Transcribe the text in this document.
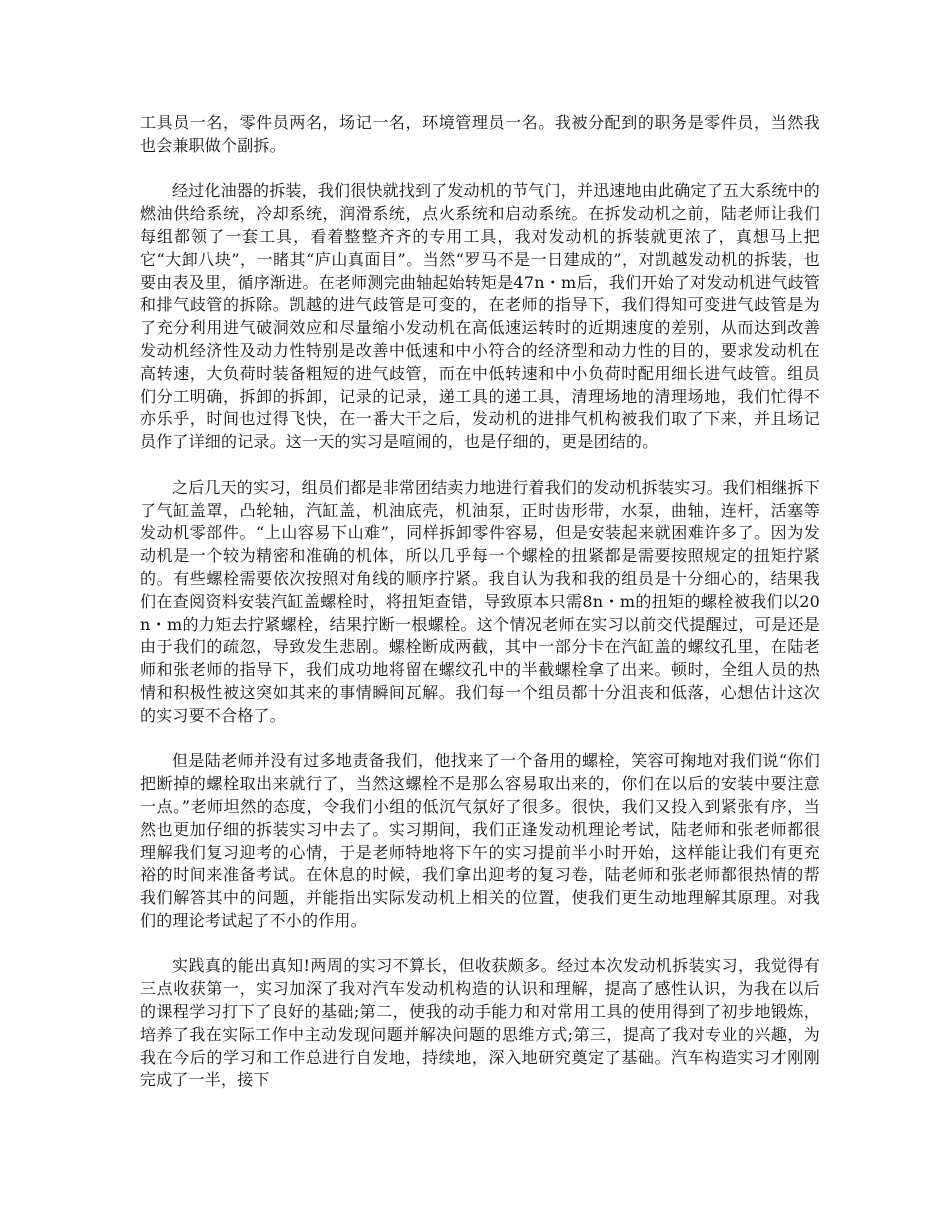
工具员一名，零件员两名，场记一名，环境管理员一名。我被分配到的职务是零件员，当然我也会兼职做个副拆。

经过化油器的拆装，我们很快就找到了发动机的节气门，并迅速地由此确定了五大系统中的燃油供给系统，冷却系统，润滑系统，点火系统和启动系统。在拆发动机之前，陆老师让我们每组都领了一套工具，看着整整齐齐的专用工具，我对发动机的拆装就更浓了，真想马上把它“大卸八块”，一睹其“庐山真面目”。当然“罗马不是一日建成的”，对凯越发动机的拆装，也要由表及里，循序渐进。在老师测完曲轴起始转矩是47n・m后，我们开始了对发动机进气歧管和排气歧管的拆除。凯越的进气歧管是可变的，在老师的指导下，我们得知可变进气歧管是为了充分利用进气破洞效应和尽量缩小发动机在高低速运转时的近期速度的差别，从而达到改善发动机经济性及动力性特别是改善中低速和中小符合的经济型和动力性的目的，要求发动机在高转速，大负荷时装备粗短的进气歧管，而在中低转速和中小负荷时配用细长进气歧管。组员们分工明确，拆卸的拆卸，记录的记录，递工具的递工具，清理场地的清理场地，我们忙得不亦乐乎，时间也过得飞快，在一番大干之后，发动机的进排气机构被我们取了下来，并且场记员作了详细的记录。这一天的实习是喧闹的，也是仔细的，更是团结的。

之后几天的实习，组员们都是非常团结卖力地进行着我们的发动机拆装实习。我们相继拆下了气缸盖罩，凸轮轴，汽缸盖，机油底壳，机油泵，正时齿形带，水泵，曲轴，连杆，活塞等发动机零部件。“上山容易下山难”，同样拆卸零件容易，但是安装起来就困难许多了。因为发动机是一个较为精密和准确的机体，所以几乎每一个螺栓的扭紧都是需要按照规定的扭矩拧紧的。有些螺栓需要依次按照对角线的顺序拧紧。我自认为我和我的组员是十分细心的，结果我们在查阅资料安装汽缸盖螺栓时，将扭矩查错，导致原本只需8n・m的扭矩的螺栓被我们以20n・m的力矩去拧紧螺栓，结果拧断一根螺栓。这个情况老师在实习以前交代提醒过，可是还是由于我们的疏忽，导致发生悲剧。螺栓断成两截，其中一部分卡在汽缸盖的螺纹孔里，在陆老师和张老师的指导下，我们成功地将留在螺纹孔中的半截螺栓拿了出来。顿时，全组人员的热情和积极性被这突如其来的事情瞬间瓦解。我们每一个组员都十分沮丧和低落，心想估计这次的实习要不合格了。

但是陆老师并没有过多地责备我们，他找来了一个备用的螺栓，笑容可掬地对我们说“你们把断掉的螺栓取出来就行了，当然这螺栓不是那么容易取出来的，你们在以后的安装中要注意一点。”老师坦然的态度，令我们小组的低沉气氛好了很多。很快，我们又投入到紧张有序，当然也更加仔细的拆装实习中去了。实习期间，我们正逢发动机理论考试，陆老师和张老师都很理解我们复习迎考的心情，于是老师特地将下午的实习提前半小时开始，这样能让我们有更充裕的时间来准备考试。在休息的时候，我们拿出迎考的复习卷，陆老师和张老师都很热情的帮我们解答其中的问题，并能指出实际发动机上相关的位置，使我们更生动地理解其原理。对我们的理论考试起了不小的作用。

实践真的能出真知!两周的实习不算长，但收获颇多。经过本次发动机拆装实习，我觉得有三点收获第一，实习加深了我对汽车发动机构造的认识和理解，提高了感性认识，为我在以后的课程学习打下了良好的基础;第二，使我的动手能力和对常用工具的使用得到了初步地锻炼，培养了我在实际工作中主动发现问题并解决问题的思维方式;第三，提高了我对专业的兴趣，为我在今后的学习和工作总进行自发地，持续地，深入地研究奠定了基础。汽车构造实习才刚刚完成了一半，接下
